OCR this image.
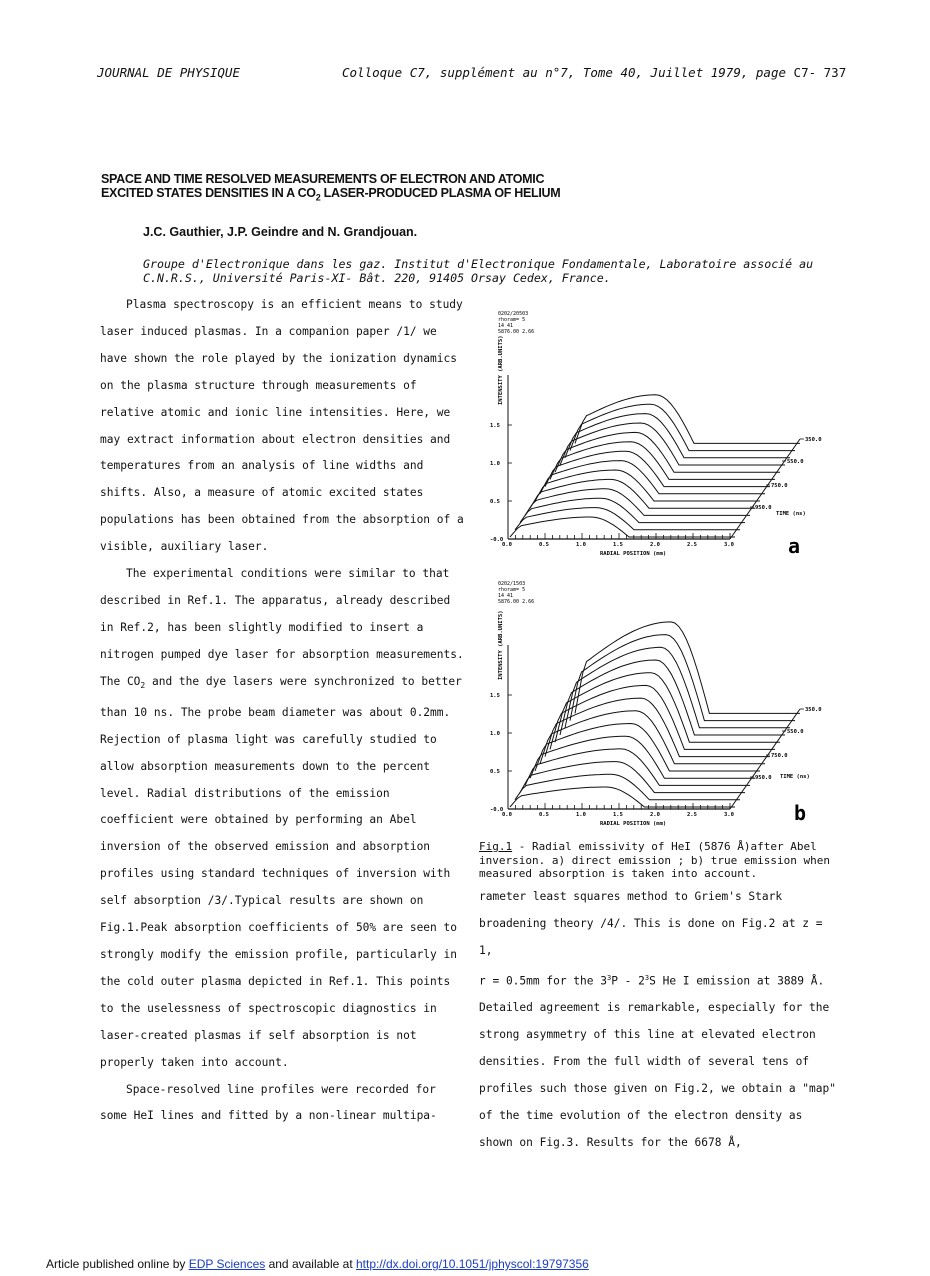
JOURNAL DE PHYSIQUE	Colloque C7, supplément au n°7, Tome 40, Juillet 1979, page C7- 737
SPACE AND TIME RESOLVED MEASUREMENTS OF ELECTRON AND ATOMIC
EXCITED STATES DENSITIES IN A $CO_2$ LASER-PRODUCED PLASMA OF HELIUM
J.C. Gauthier, J.P. Geindre and N. Grandjouan.
Groupe d'Electronique dans les gaz. Institut d'Electronique Fondamentale, Laboratoire associé au C.N.R.S., Université Paris-XI- Bât. 220, 91405 Orsay Cedex, France.

Plasma spectroscopy is an efficient means to study laser induced plasmas. In a companion paper /1/ we have shown the role played by the ionization dynamics on the plasma structure through measurements of relative atomic and ionic line intensities. Here, we may extract information about electron densities and temperatures from an analysis of line widths and shifts. Also, a measure of atomic excited states populations has been obtained from the absorption of a visible, auxiliary laser.

The experimental conditions were similar to that described in Ref.1. The apparatus, already described in Ref.2, has been slightly modified to insert a nitrogen pumped dye laser for absorption measurements. The $CO_2$ and the dye lasers were synchronized to better than 10 ns. The probe beam diameter was about 0.2mm. Rejection of plasma light was carefully studied to allow absorption measurements down to the percent level. Radial distributions of the emission coefficient were obtained by performing an Abel inversion of the observed emission and absorption profiles using standard techniques of inversion with self absorption /3/.Typical results are shown on Fig.1.Peak absorption coefficients of 50% are seen to strongly modify the emission profile, particularly in the cold outer plasma depicted in Ref.1. This points to the uselessness of spectroscopic diagnostics in laser-created plasmas if self absorption is not properly taken into account.

Space-resolved line profiles were recorded for some HeI lines and fitted by a non-linear multipa-

0.0	0.5	1.0	1.5	2.0	2.5	3.0
-0.0
0.5
1.0
1.5
950.0
750.0
550.0
350.0
0202/20503
rhoram= 5
14 41
5876.00 2.66
INTENSITY (ARB.UNITS)
RADIAL POSITION (mm)
TIME (ns)
a
0.0	0.5	1.0	1.5	2.0	2.5	3.0
-0.0
0.5
1.0
1.5
950.0
750.0
550.0
350.0
0202/1503
rhoram= 5
14 41
5876.00 2.66
INTENSITY (ARB.UNITS)
RADIAL POSITION (mm)
TIME (ns)
b
Fig.1 - Radial emissivity of HeI (5876 Å)after Abel inversion. a) direct emission ; b) true emission when measured absorption is taken into account.

rameter least squares method to Griem's Stark broadening theory /4/. This is done on Fig.2 at z = 1,

r = 0.5mm for the $3^3P - 2^3S$ He I emission at 3889 Å.

Detailed agreement is remarkable, especially for the strong asymmetry of this line at elevated electron densities. From the full width of several tens of profiles such those given on Fig.2, we obtain a "map" of the time evolution of the electron density as shown on Fig.3. Results for the 6678 Å,

Article published online by EDP Sciences and available at http://dx.doi.org/10.1051/jphyscol:19797356
